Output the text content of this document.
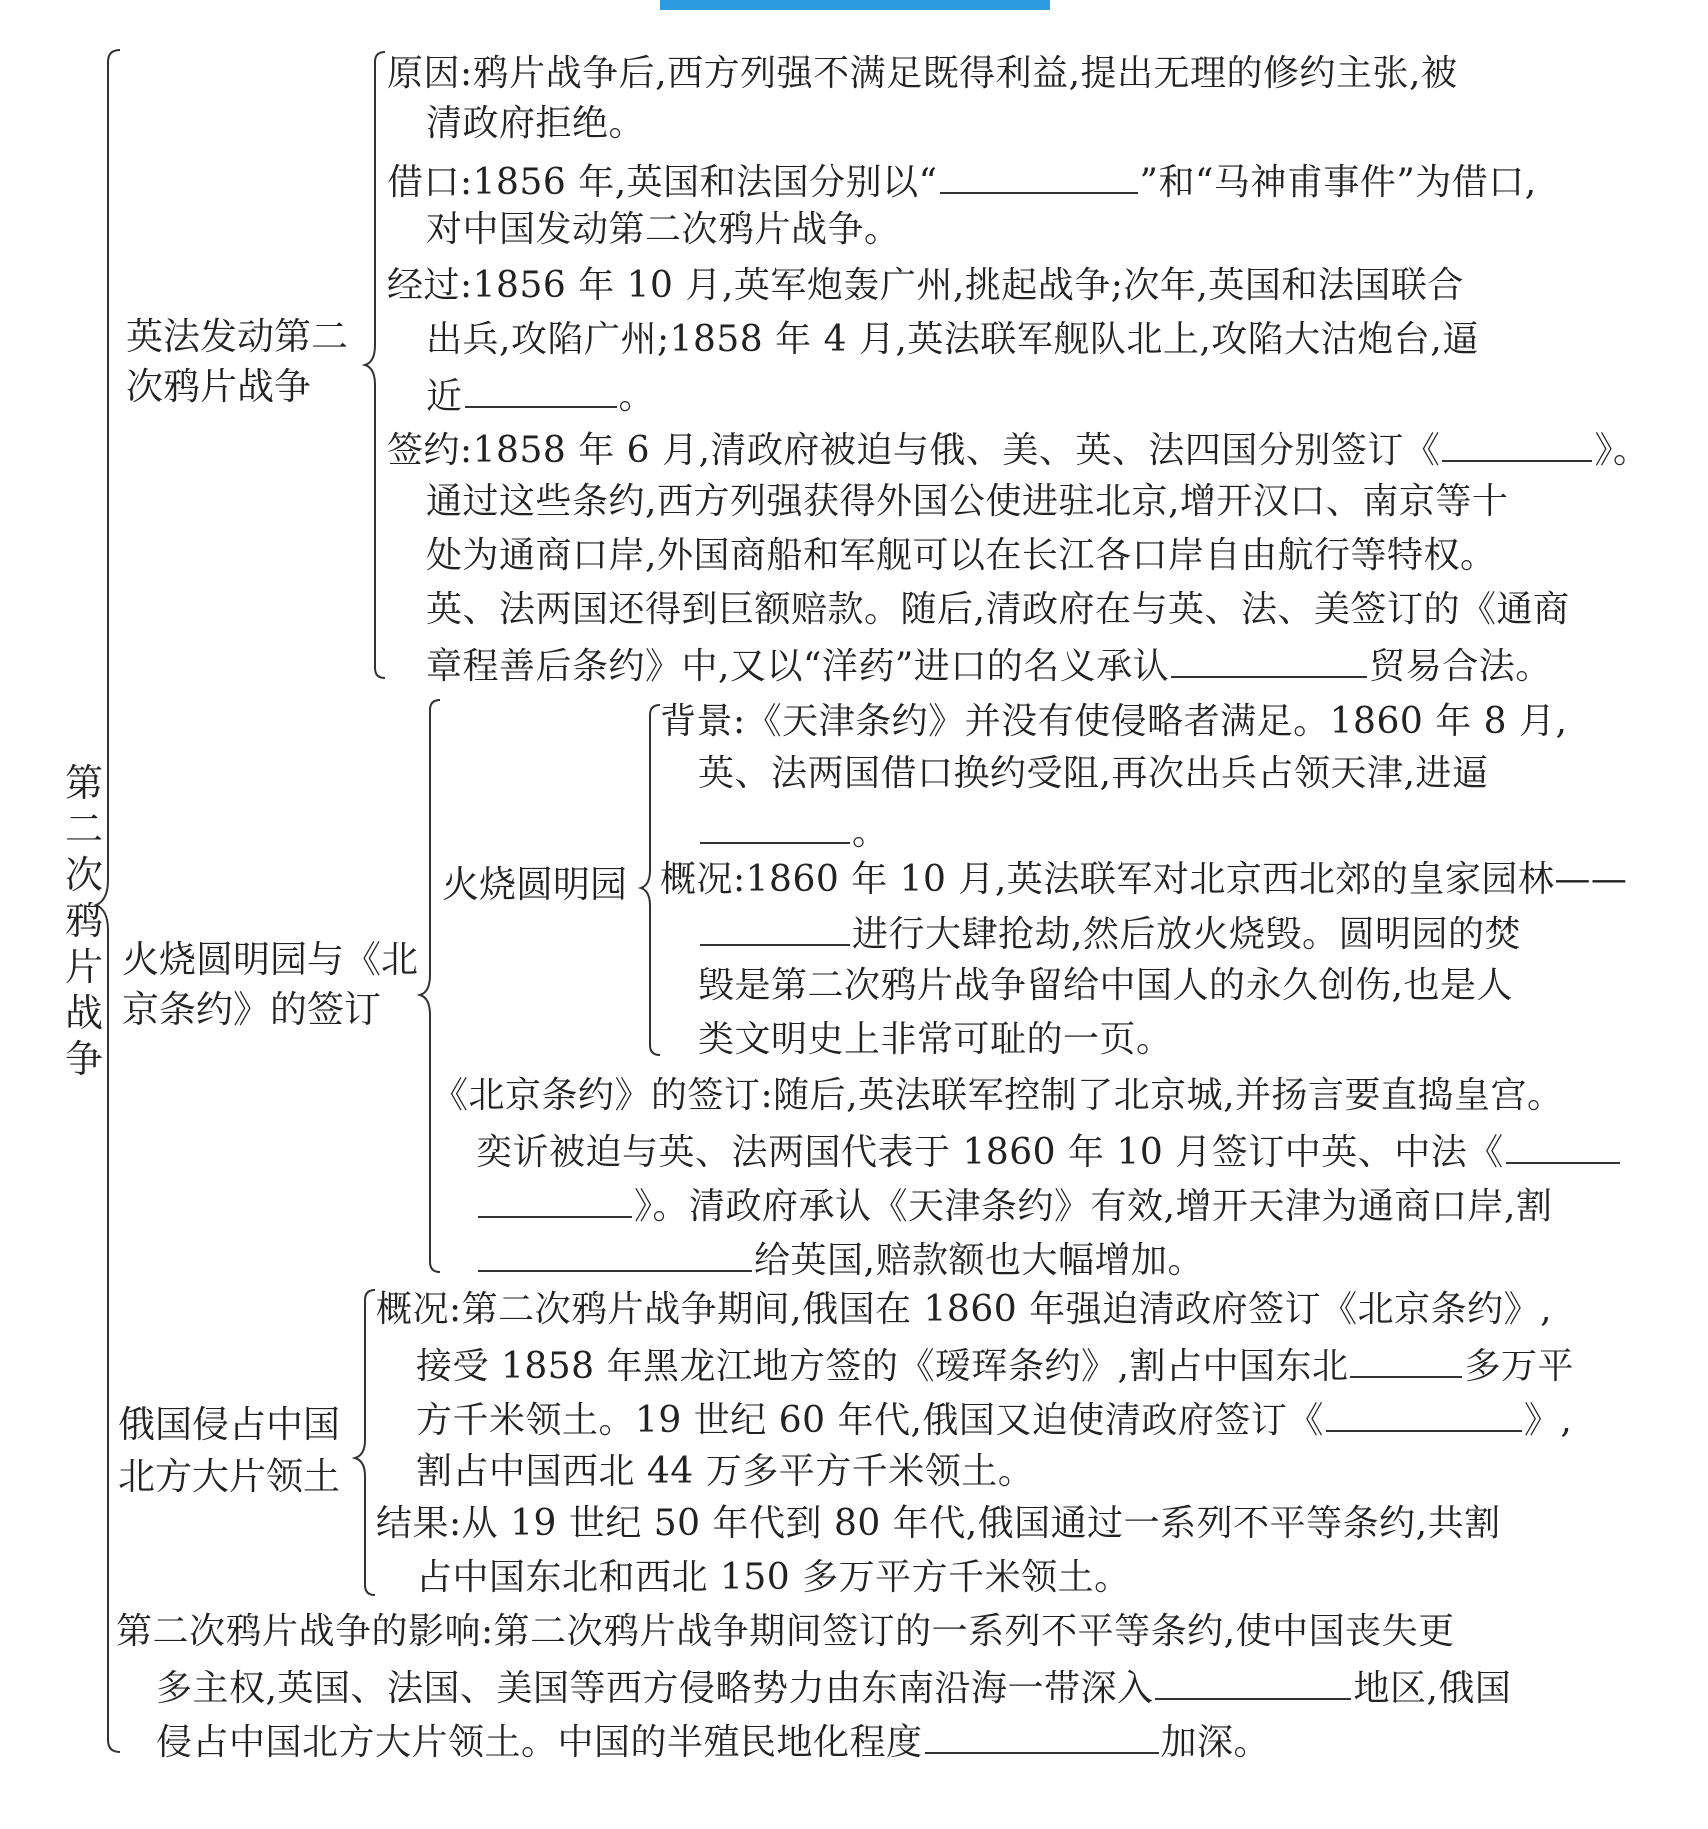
第
二
次
鸦
片
战
争
英法发动第二
次鸦片战争
原因:鸦片战争后,西方列强不满足既得利益,提出无理的修约主张,被
清政府拒绝。
借口:1856 年,英国和法国分别以“	”和“马神甫事件”为借口,
对中国发动第二次鸦片战争。
经过:1856 年 10 月,英军炮轰广州,挑起战争;次年,英国和法国联合
出兵,攻陷广州;1858 年 4 月,英法联军舰队北上,攻陷大沽炮台,逼
近	。
签约:1858 年 6 月,清政府被迫与俄、美、英、法四国分别签订《	》。
通过这些条约,西方列强获得外国公使进驻北京,增开汉口、南京等十
处为通商口岸,外国商船和军舰可以在长江各口岸自由航行等特权。
英、法两国还得到巨额赔款。随后,清政府在与英、法、美签订的《通商
章程善后条约》中,又以“洋药”进口的名义承认	贸易合法。
火烧圆明园与《北
京条约》的签订
火烧圆明园
背景:《天津条约》并没有使侵略者满足。1860 年 8 月,
英、法两国借口换约受阻,再次出兵占领天津,进逼
。
概况:1860 年 10 月,英法联军对北京西北郊的皇家园林——
进行大肆抢劫,然后放火烧毁。圆明园的焚
毁是第二次鸦片战争留给中国人的永久创伤,也是人
类文明史上非常可耻的一页。
《北京条约》的签订:随后,英法联军控制了北京城,并扬言要直捣皇宫。
奕䜣被迫与英、法两国代表于 1860 年 10 月签订中英、中法《
》。清政府承认《天津条约》有效,增开天津为通商口岸,割
给英国,赔款额也大幅增加。
俄国侵占中国
北方大片领土
概况:第二次鸦片战争期间,俄国在 1860 年强迫清政府签订《北京条约》,
接受 1858 年黑龙江地方签的《瑷珲条约》,割占中国东北	多万平
方千米领土。19 世纪 60 年代,俄国又迫使清政府签订《	》,
割占中国西北 44 万多平方千米领土。
结果:从 19 世纪 50 年代到 80 年代,俄国通过一系列不平等条约,共割
占中国东北和西北 150 多万平方千米领土。
第二次鸦片战争的影响:第二次鸦片战争期间签订的一系列不平等条约,使中国丧失更
多主权,英国、法国、美国等西方侵略势力由东南沿海一带深入	地区,俄国
侵占中国北方大片领土。中国的半殖民地化程度	加深。
